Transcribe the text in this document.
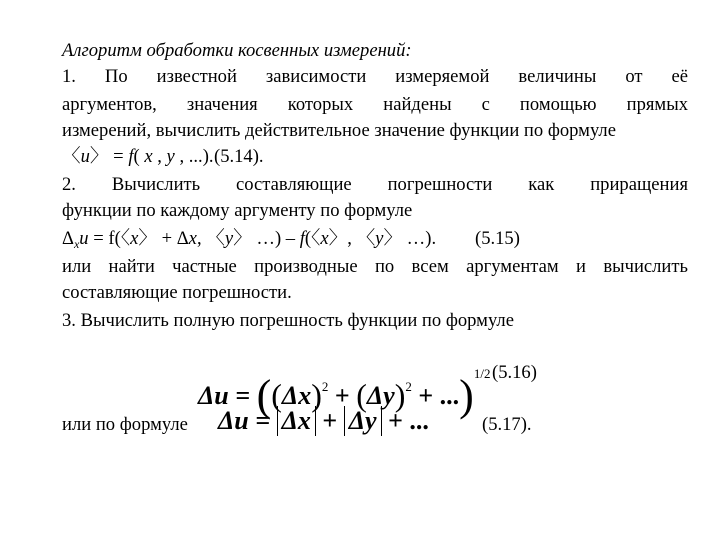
Алгоритм обработки косвенных измерений:
1. По известной зависимости измеряемой величины от её
аргументов, значения которых найдены с помощью прямых
измерений, вычислить действительное значение функции по формуле
〈u〉 = f( x , y , ...). (5.14).
2. Вычислить составляющие погрешности как приращения
функции по каждому аргументу по формуле
$\Delta_xu = f$(〈x〉 + Δx, 〈y〉 …) – f(〈x〉, 〈y〉 …).	(5.15)
или найти частные производные по всем аргументам и вычислить
составляющие погрешности.
3. Вычислить полную погрешность функции по формуле
$\Delta u = ((\Delta x)^2 + (\Delta y)^2 + ...)^{1/2}$ (5.16)
или по формуле	Δu = Δx + Δy + ...	(5.17).
